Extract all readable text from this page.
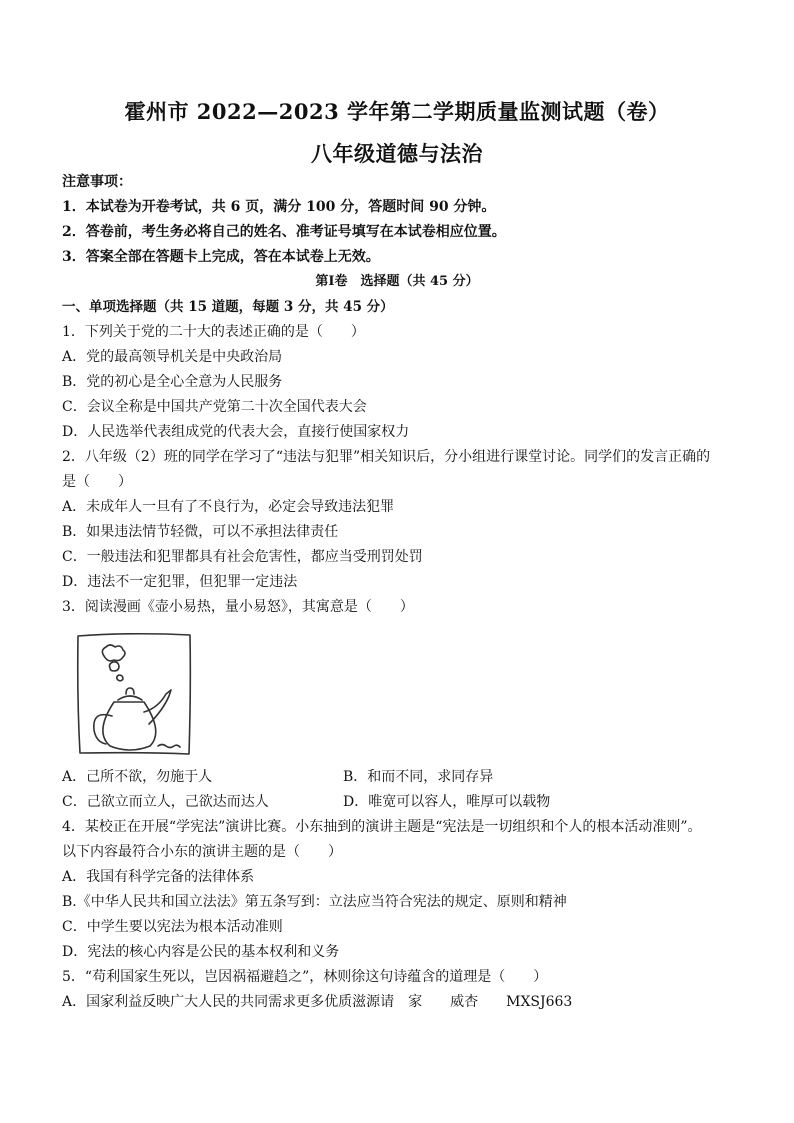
霍州市 2022—2023 学年第二学期质量监测试题（卷）
八年级道德与法治
注意事项：
1．本试卷为开卷考试，共 6 页，满分 100 分，答题时间 90 分钟。
2．答卷前，考生务必将自己的姓名、准考证号填写在本试卷相应位置。
3．答案全部在答题卡上完成，答在本试卷上无效。
第Ⅰ卷　选择题（共 45 分）
一、单项选择题（共 15 道题，每题 3 分，共 45 分）
1．下列关于党的二十大的表述正确的是（　　）
A．党的最高领导机关是中央政治局
B．党的初心是全心全意为人民服务
C．会议全称是中国共产党第二十次全国代表大会
D．人民选举代表组成党的代表大会，直接行使国家权力
2．八年级（2）班的同学在学习了“违法与犯罪”相关知识后，分小组进行课堂讨论。同学们的发言正确的
是（　　）
A．未成年人一旦有了不良行为，必定会导致违法犯罪
B．如果违法情节轻微，可以不承担法律责任
C．一般违法和犯罪都具有社会危害性，都应当受刑罚处罚
D．违法不一定犯罪，但犯罪一定违法
3．阅读漫画《壶小易热，量小易怒》，其寓意是（　　）
A．己所不欲，勿施于人	B．和而不同，求同存异
C．己欲立而立人，己欲达而达人	D．唯宽可以容人，唯厚可以载物
4．某校正在开展“学宪法”演讲比赛。小东抽到的演讲主题是“宪法是一切组织和个人的根本活动准则”。
以下内容最符合小东的演讲主题的是（　　）
A．我国有科学完备的法律体系
B.《中华人民共和国立法法》第五条写到：立法应当符合宪法的规定、原则和精神
C．中学生要以宪法为根本活动准则
D．宪法的核心内容是公民的基本权利和义务
5．“苟利国家生死以，岂因祸福避趋之”，林则徐这句诗蕴含的道理是（　　）
A．国家利益反映广大人民的共同需求更多优质滋源请　家　　威杏　　MXSJ663
